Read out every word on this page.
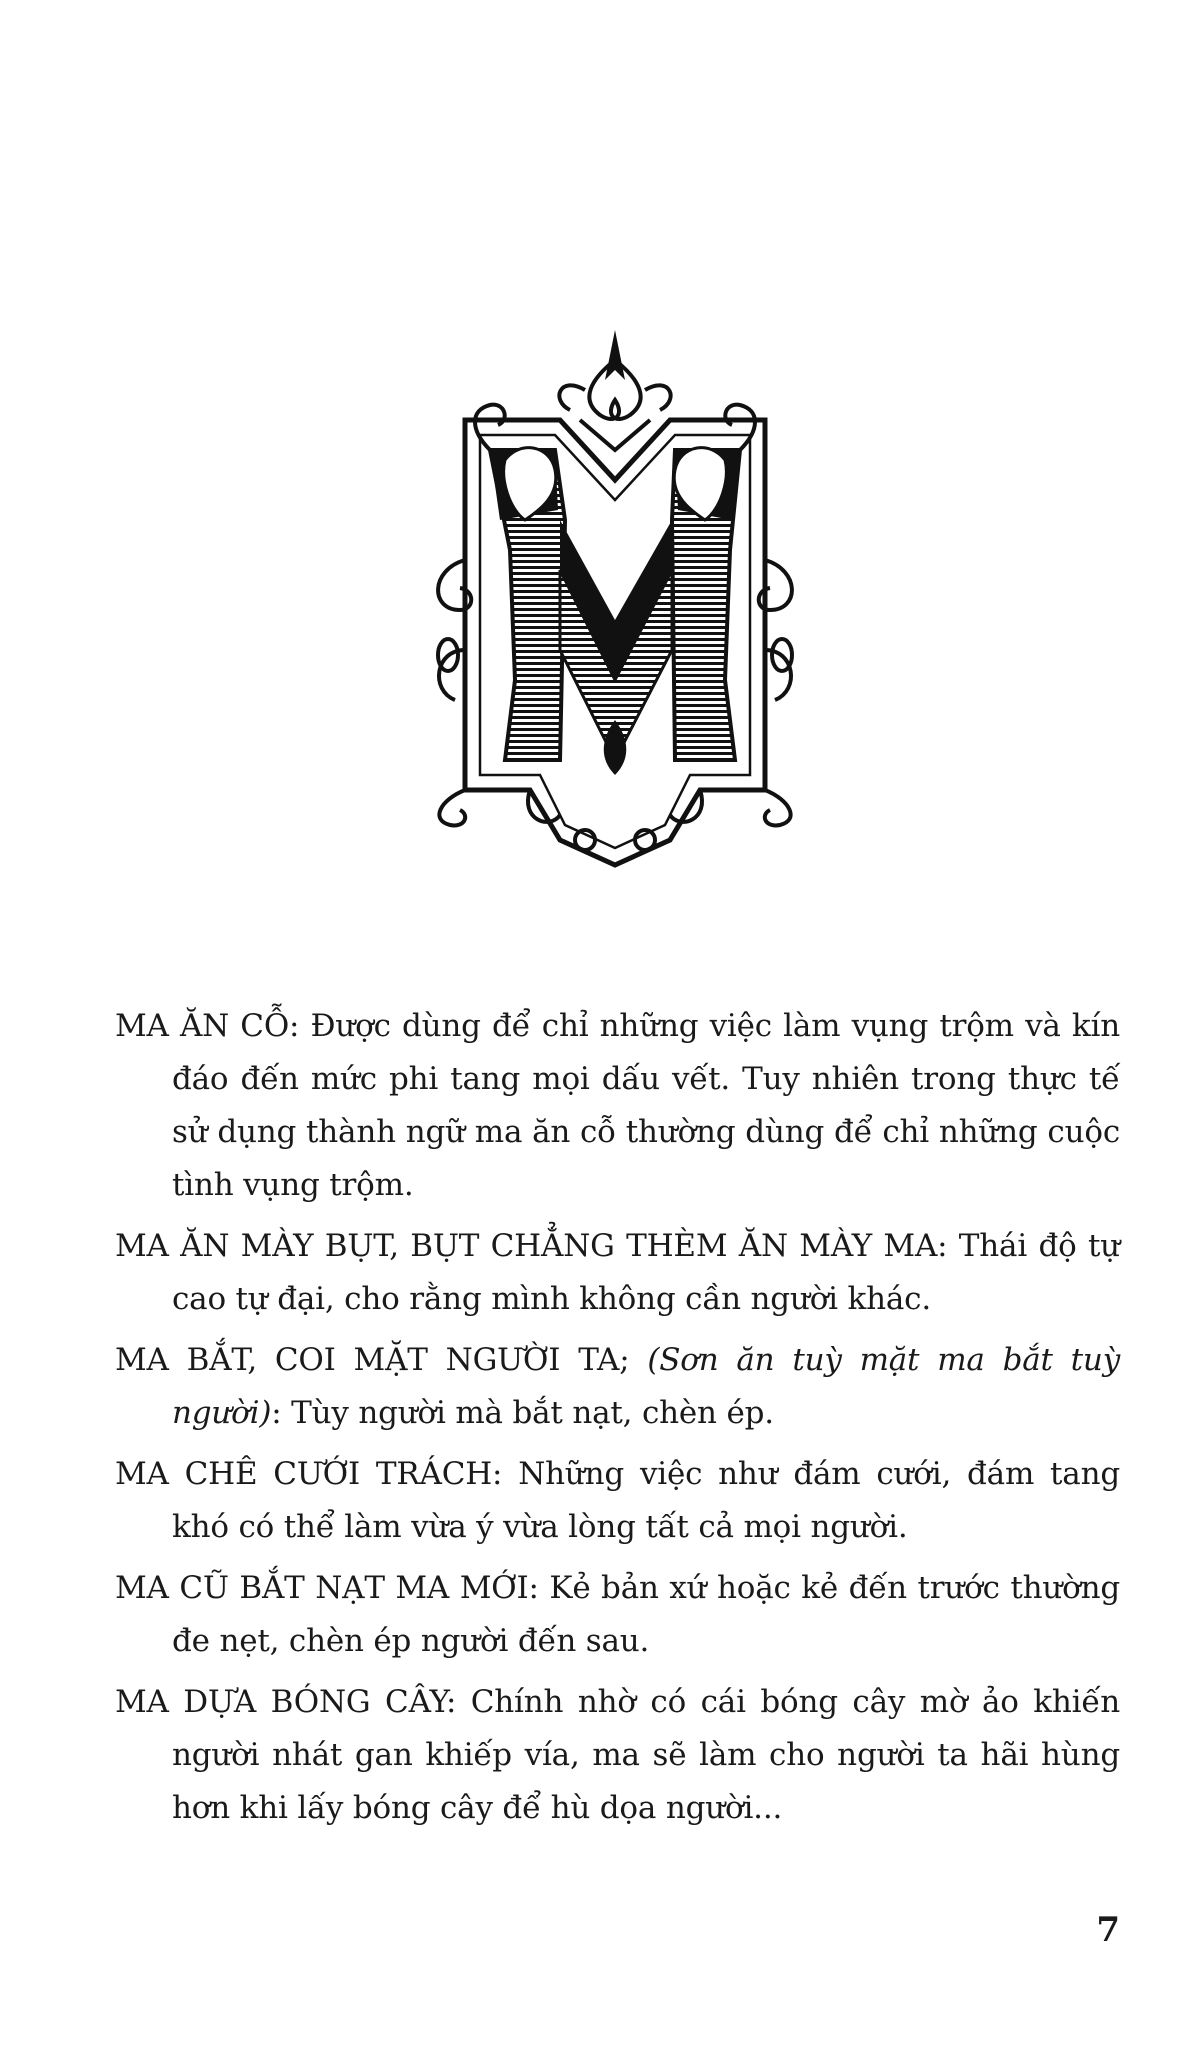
MA ĂN CỖ: Được dùng để chỉ những việc làm vụng trộm và kín đáo đến mức phi tang mọi dấu vết. Tuy nhiên trong thực tế sử dụng thành ngữ ma ăn cỗ thường dùng để chỉ những cuộc tình vụng trộm.

MA ĂN MÀY BỤT, BỤT CHẲNG THÈM ĂN MÀY MA: Thái độ tự cao tự đại, cho rằng mình không cần người khác.

MA BẮT, COI MẶT NGƯỜI TA; (Sơn ăn tuỳ mặt ma bắt tuỳ người): Tùy người mà bắt nạt, chèn ép.

MA CHÊ CƯỚI TRÁCH: Những việc như đám cưới, đám tang khó có thể làm vừa ý vừa lòng tất cả mọi người.

MA CŨ BẮT NẠT MA MỚI: Kẻ bản xứ hoặc kẻ đến trước thường đe nẹt, chèn ép người đến sau.

MA DỰA BÓNG CÂY: Chính nhờ có cái bóng cây mờ ảo khiến người nhát gan khiếp vía, ma sẽ làm cho người ta hãi hùng hơn khi lấy bóng cây để hù dọa người...

7
